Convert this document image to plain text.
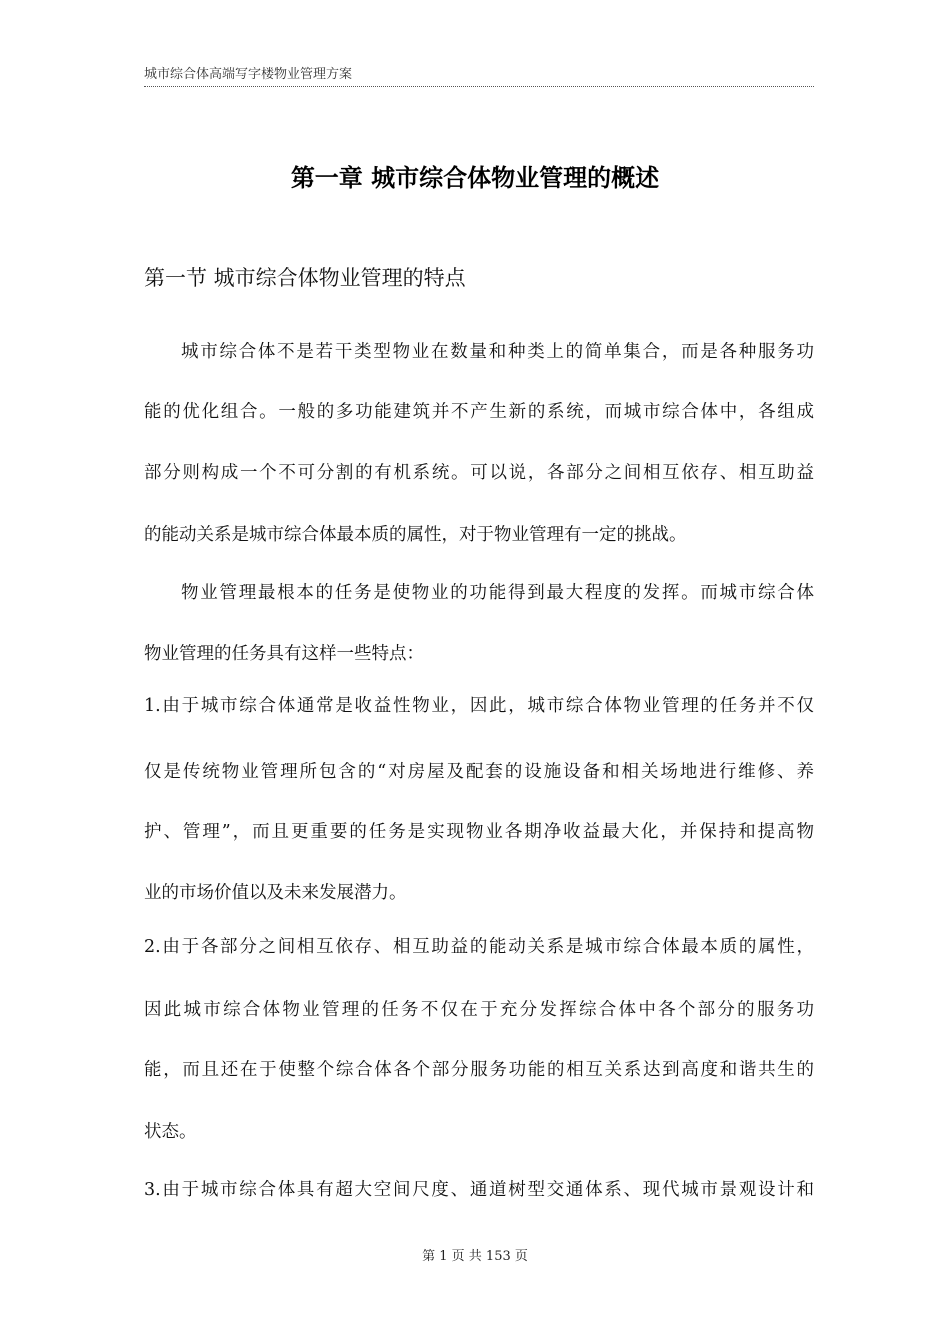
城市综合体高端写字楼物业管理方案
第一章 城市综合体物业管理的概述
第一节 城市综合体物业管理的特点
城市综合体不是若干类型物业在数量和种类上的简单集合，而是各种服务功
能的优化组合。一般的多功能建筑并不产生新的系统，而城市综合体中，各组成
部分则构成一个不可分割的有机系统。可以说，各部分之间相互依存、相互助益
的能动关系是城市综合体最本质的属性，对于物业管理有一定的挑战。
物业管理最根本的任务是使物业的功能得到最大程度的发挥。而城市综合体
物业管理的任务具有这样一些特点：
1.由于城市综合体通常是收益性物业，因此，城市综合体物业管理的任务并不仅
仅是传统物业管理所包含的“对房屋及配套的设施设备和相关场地进行维修、养
护、管理”，而且更重要的任务是实现物业各期净收益最大化，并保持和提高物
业的市场价值以及未来发展潜力。
2.由于各部分之间相互依存、相互助益的能动关系是城市综合体最本质的属性，
因此城市综合体物业管理的任务不仅在于充分发挥综合体中各个部分的服务功
能，而且还在于使整个综合体各个部分服务功能的相互关系达到高度和谐共生的
状态。
3.由于城市综合体具有超大空间尺度、通道树型交通体系、现代城市景观设计和
第 1 页 共 153 页
